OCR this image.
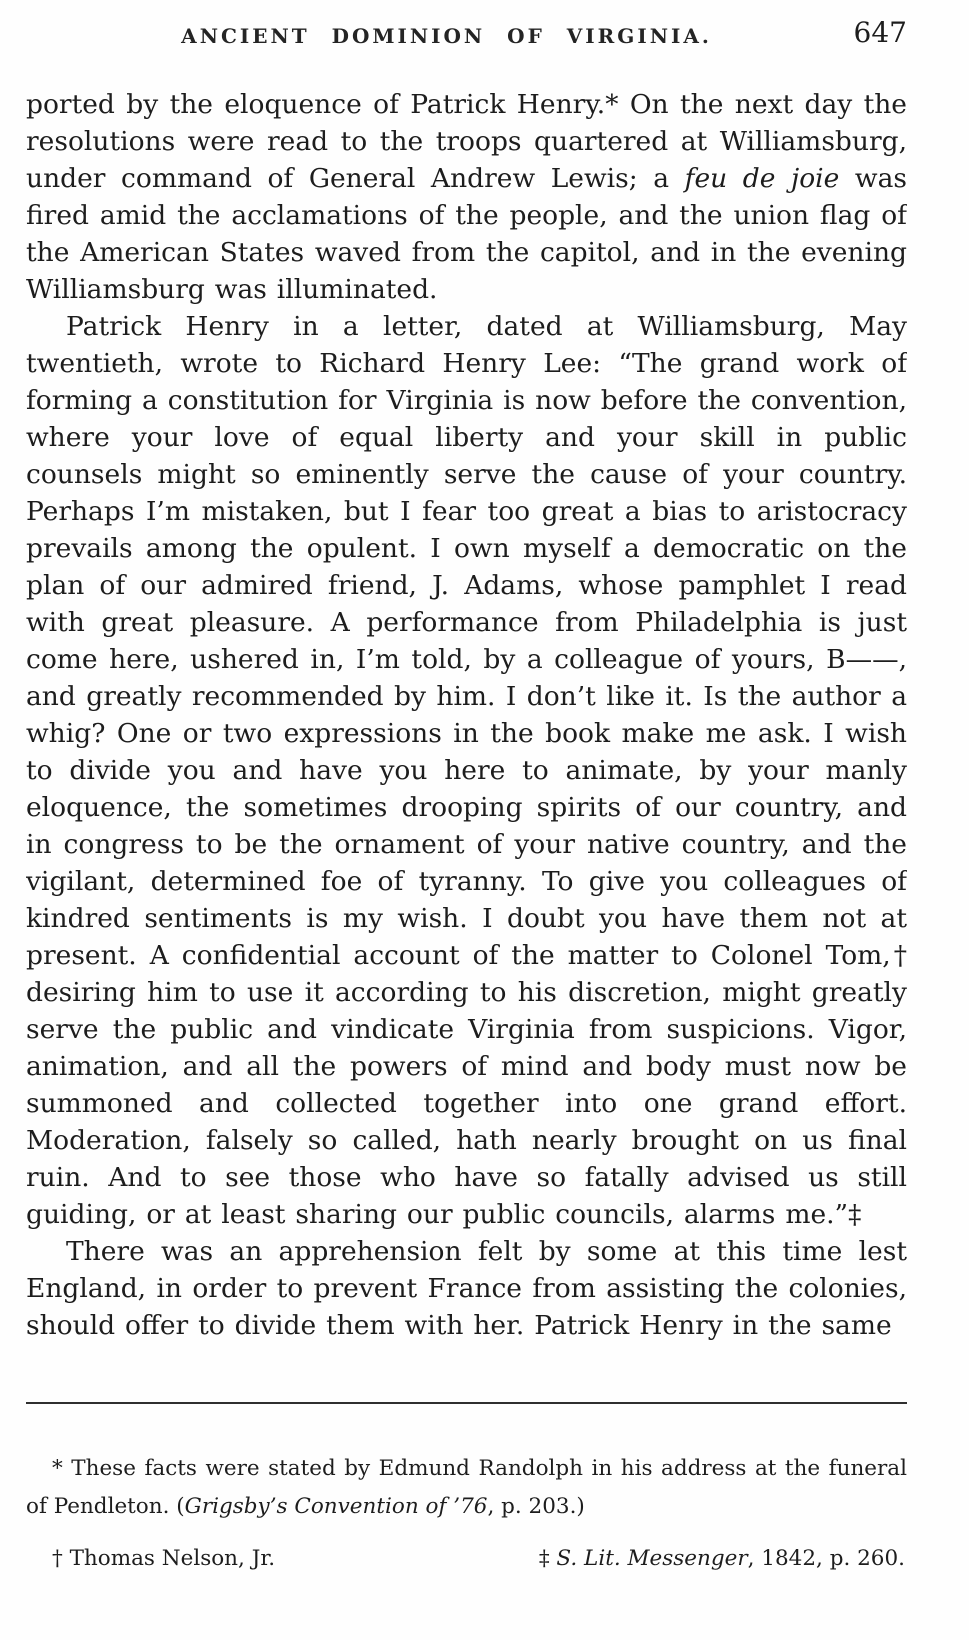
ANCIENT DOMINION OF VIRGINIA.	647

ported by the eloquence of Patrick Henry.* On the next day the resolutions were read to the troops quartered at Williamsburg, under command of General Andrew Lewis; a feu de joie was fired amid the acclamations of the people, and the union flag of the American States waved from the capitol, and in the evening Williamsburg was illuminated.

Patrick Henry in a letter, dated at Williamsburg, May twentieth, wrote to Richard Henry Lee: “The grand work of forming a constitution for Virginia is now before the convention, where your love of equal liberty and your skill in public counsels might so eminently serve the cause of your country. Perhaps I’m mistaken, but I fear too great a bias to aristocracy prevails among the opulent. I own myself a democratic on the plan of our admired friend, J. Adams, whose pamphlet I read with great pleasure. A performance from Philadelphia is just come here, ushered in, I’m told, by a colleague of yours, B——, and greatly recommended by him. I don’t like it. Is the author a whig? One or two expressions in the book make me ask. I wish to divide you and have you here to animate, by your manly eloquence, the sometimes drooping spirits of our country, and in congress to be the ornament of your native country, and the vigilant, determined foe of tyranny. To give you colleagues of kindred sentiments is my wish. I doubt you have them not at present. A confidential account of the matter to Colonel Tom,† desiring him to use it according to his discretion, might greatly serve the public and vindicate Virginia from suspicions. Vigor, animation, and all the powers of mind and body must now be summoned and collected together into one grand effort. Moderation, falsely so called, hath nearly brought on us final ruin. And to see those who have so fatally advised us still guiding, or at least sharing our public councils, alarms me.”‡

There was an apprehension felt by some at this time lest England, in order to prevent France from assisting the colonies, should offer to divide them with her. Patrick Henry in the same

* These facts were stated by Edmund Randolph in his address at the funeral of Pendleton. (Grigsby’s Convention of ’76, p. 203.)

† Thomas Nelson, Jr.	‡ S. Lit. Messenger, 1842, p. 260.
